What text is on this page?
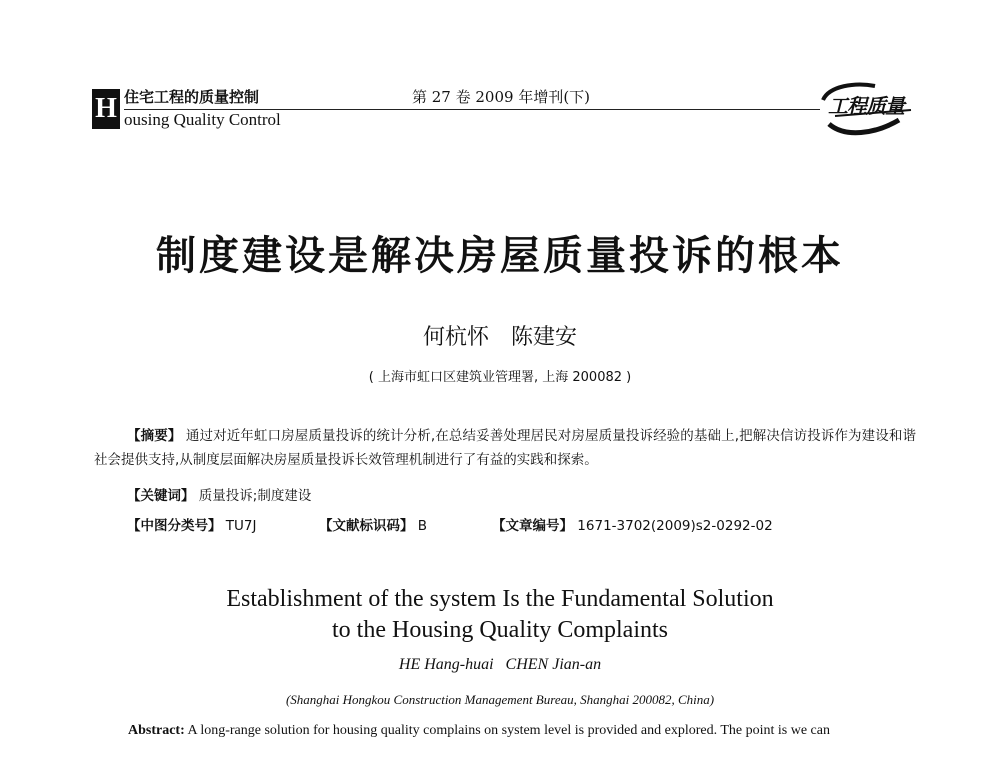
H 住宅工程的质量控制
ousing Quality Control
第 27 卷 2009 年增刊(下)	工程质量
制度建设是解决房屋质量投诉的根本
何杭怀 陈建安
( 上海市虹口区建筑业管理署, 上海 200082 )
【摘要】 通过对近年虹口房屋质量投诉的统计分析,在总结妥善处理居民对房屋质量投诉经验的基础上,把解决信访投诉作为建设和谐社会提供支持,从制度层面解决房屋质量投诉长效管理机制进行了有益的实践和探索。
【关键词】 质量投诉;制度建设
【中图分类号】 TU7J	【文献标识码】 B	【文章编号】 1671-3702(2009)s2-0292-02
Establishment of the system Is the Fundamental Solution
to the Housing Quality Complaints
HE Hang-huai CHEN Jian-an
(Shanghai Hongkou Construction Management Bureau, Shanghai 200082, China)
Abstract: A long-range solution for housing quality complains on system level is provided and explored. The point is we can
